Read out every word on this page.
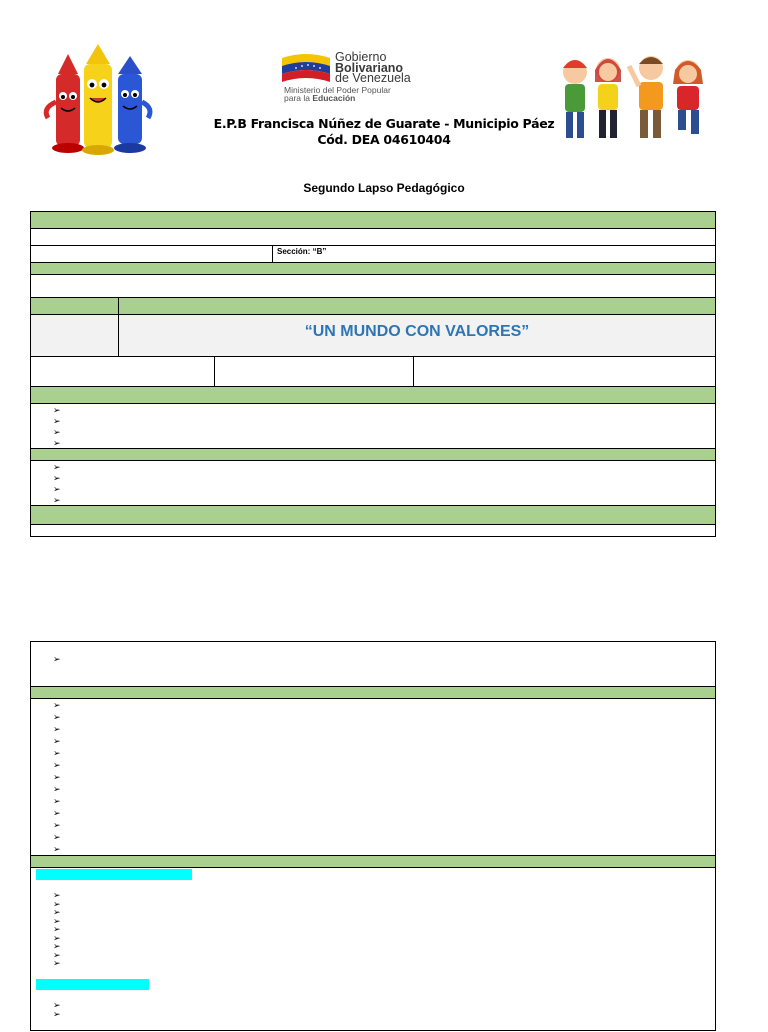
Gobierno
Bolivariano
de Venezuela
Ministerio del Poder Popular
para la Educación
E.P.B Francisca Núñez de Guarate - Municipio Páez
Cód. DEA 04610404
Segundo Lapso Pedagógico
Sección: “B”
“UN MUNDO CON VALORES”
➢
➢
➢
➢
➢
➢
➢
➢
➢
➢
➢
➢
➢
➢
➢
➢
➢
➢
➢
➢
➢
➢
➢
➢
➢
➢
➢
➢
➢
➢
➢
➢
➢
